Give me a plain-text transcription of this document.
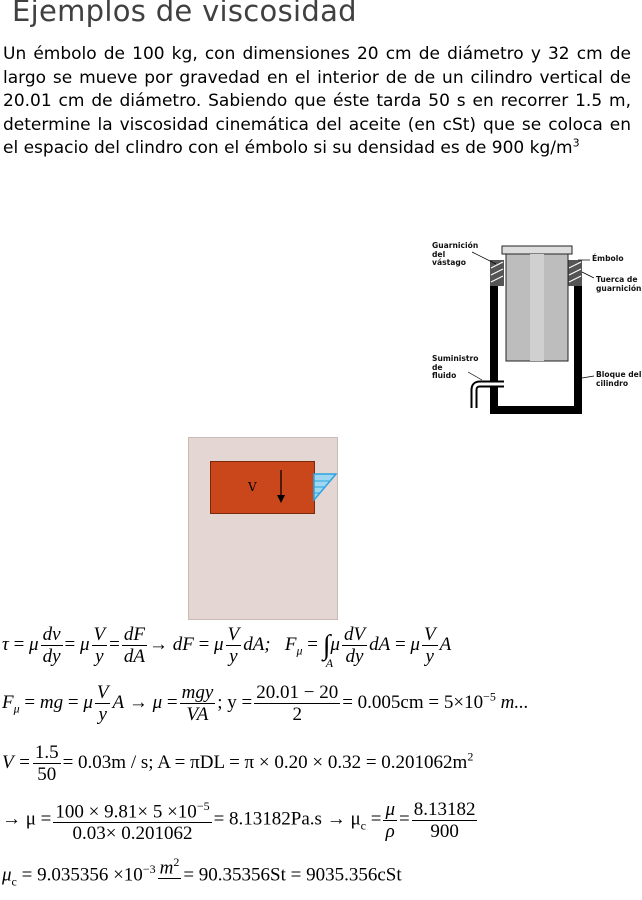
Ejemplos de viscosidad
Un émbolo de 100 kg, con dimensiones 20 cm de diámetro y 32 cm de largo se mueve por gravedad en el interior de de un cilindro vertical de 20.01 cm de diámetro. Sabiendo que éste tarda 50 s en recorrer 1.5 m, determine la viscosidad cinemática del aceite (en cSt) que se coloca en el espacio del clindro con el émbolo si su densidad es de 900 $kg/m^3$
Guarnición
del
vástago	Émbolo
Tuerca de
guarnición
Suministro
de
fluido	Bloque del
cilindro
V
τ = μ $\frac{dv}{dy} = \mu \frac{V}{y} = \frac{dF}{dA}$ → dF = μ $\frac{V}{y}$ dA; $F_\mu$ = ∫
A
μ $\frac{dV}{dy}$ dA = μ $\frac{V}{y}$ A
$F_\mu$ = mg = μ $\frac{V}{y}$ A → μ = mgy
VA
; $y = \frac{20.01 - 20}{2} = 0.005cm = 5\times 10^{-5}$ m...
$V = \frac{1.5}{50} = 0.03m / s$; $A = \pi DL = \pi \times 0.20 \times 0.32 = 0.201062m^2$
→ $\mu = \frac{100 \times 9.81\times 5 \times 10^{-5}}{0.03\times 0.201062} = 8.13182Pa.s \to \mu_c = \frac{\mu}{\rho} = \frac{8.13182}{900}$
$\mu_c = 9.035356 \times 10^{-3}$ $m^2$

= 90.35356St = 9035.356cSt
